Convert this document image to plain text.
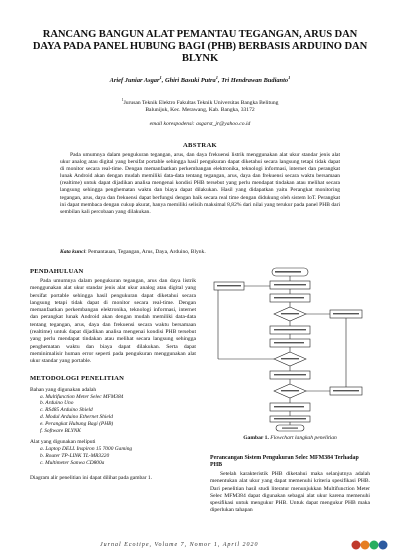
RANCANG BANGUN ALAT PEMANTAU TEGANGAN, ARUS DAN DAYA PADA PANEL HUBUNG BAGI (PHB) BERBASIS ARDUINO DAN BLYNK
Arief Juniar Asgar$^1$, Ghiri Basuki Putra$^1$, Tri Hendrawan Budianto$^1$
$^1$Jurusan Teknik Elektro Fakultas Teknik Universitas Bangka Belitung
Balunijuk, Kec. Merawang, Kab. Bangka, 33172
email korespodensi: asgarst_jr@yahoo.co.id
ABSTRAK
Pada umumnya dalam pengukuran tegangan, arus, dan daya frekuensi listrik menggunakan alat ukur standar jenis alat ukur analog atau digital yang bersifat portable sehingga hasil pengukuran dapat diketahui secara langsung tetapi tidak dapat di monitor secara real-time. Dengan memanfaatkan perkembangan elektronika, teknologi informasi, internet dan perangkat lunak Android akan dengan mudah memiliki data-data tentang tegangan, arus, daya dan frekuensi secara waktu bersamaan (realtime) untuk dapat dijadikan analisa mengenai kondisi PHB tersebut yang perlu mendapat tindakan atau melihat secara langsung sehingga penghematan waktu dan biaya dapat dilakukan. Hasil yang didapatkan yaitu Perangkat monitoring tegangan, arus, daya dan frekuensi dapat berfungsi dengan baik secara real time dengan didukung oleh sistem IoT. Perangkat ini dapat membaca dengan cukup akurat, hanya memiliki selisih maksimal 8,82% dari nilai yang terukur pada panel PHB dari sembilan kali percobaan yang dilakukan.
Kata kunci: Pemantauan, Tegangan, Arus, Daya, Arduino, Blynk.

PENDAHULUAN

Pada umumnya dalam pengukuran tegangan, arus dan daya listrik menggunakan alat ukur standar jenis alat ukur analog atau digital yang bersifat portable sehingga hasil pengukuran dapat diketahui secara langsung tetapi tidak dapat di monitor secara real-time. Dengan memanfaatkan perkembangan elektronika, teknologi informasi, internet dan perangkat lunak Android akan dengan mudah memiliki data-data tentang tegangan, arus, daya dan frekuensi secara waktu bersamaan (realtime) untuk dapat dijadikan analisa mengenai kondisi PHB tersebut yang perlu mendapat tindakan atau melihat secara langsung sehingga penghematan waktu dan biaya dapat dilakukan. Serta dapat meminimalisir human error seperti pada pengukuran menggunakan alat ukur standar yang portable.

METODOLOGI PENELITIAN

Bahan yang digunakan adalah

a. Multifunction Meter Selec MFM384
b. Arduino Uno
c. RS485 Arduino Shield
d. Modul Arduino Ethernet Shield
e. Perangkat Hubung Bagi (PHB)
f. Software BLYNK

Alat yang digunakan meliputi

a. Laptop DELL Inspiron 15 7000 Gaming
b. Router TP-LINK TL-MR3220
c. Multimeter Sanwa CD800a

Diagram alir penelitian ini dapat dilihat pada gambar 1.

Gambar 1. Flowchart langkah penelitian

Perancangan Sistem Pengukuran Selec MFM384 Terhadap PHB

Setelah karakteristik PHB diketahui maka selanjutnya adalah menentukan alat ukur yang dapat memenuhi kriteria spesifikasi PHB. Dari penelitian hasil studi literatur menunjukkan Multifunction Meter Selec MFM384 dapat digunakan sebagai alat ukur karena memenuhi spesifikasi untuk mengukur PHB. Untuk dapat mengukur PHB maka diperlukan tahapan

Jurnal Ecotipe, Volume 7, Nomor 1, April 2020
